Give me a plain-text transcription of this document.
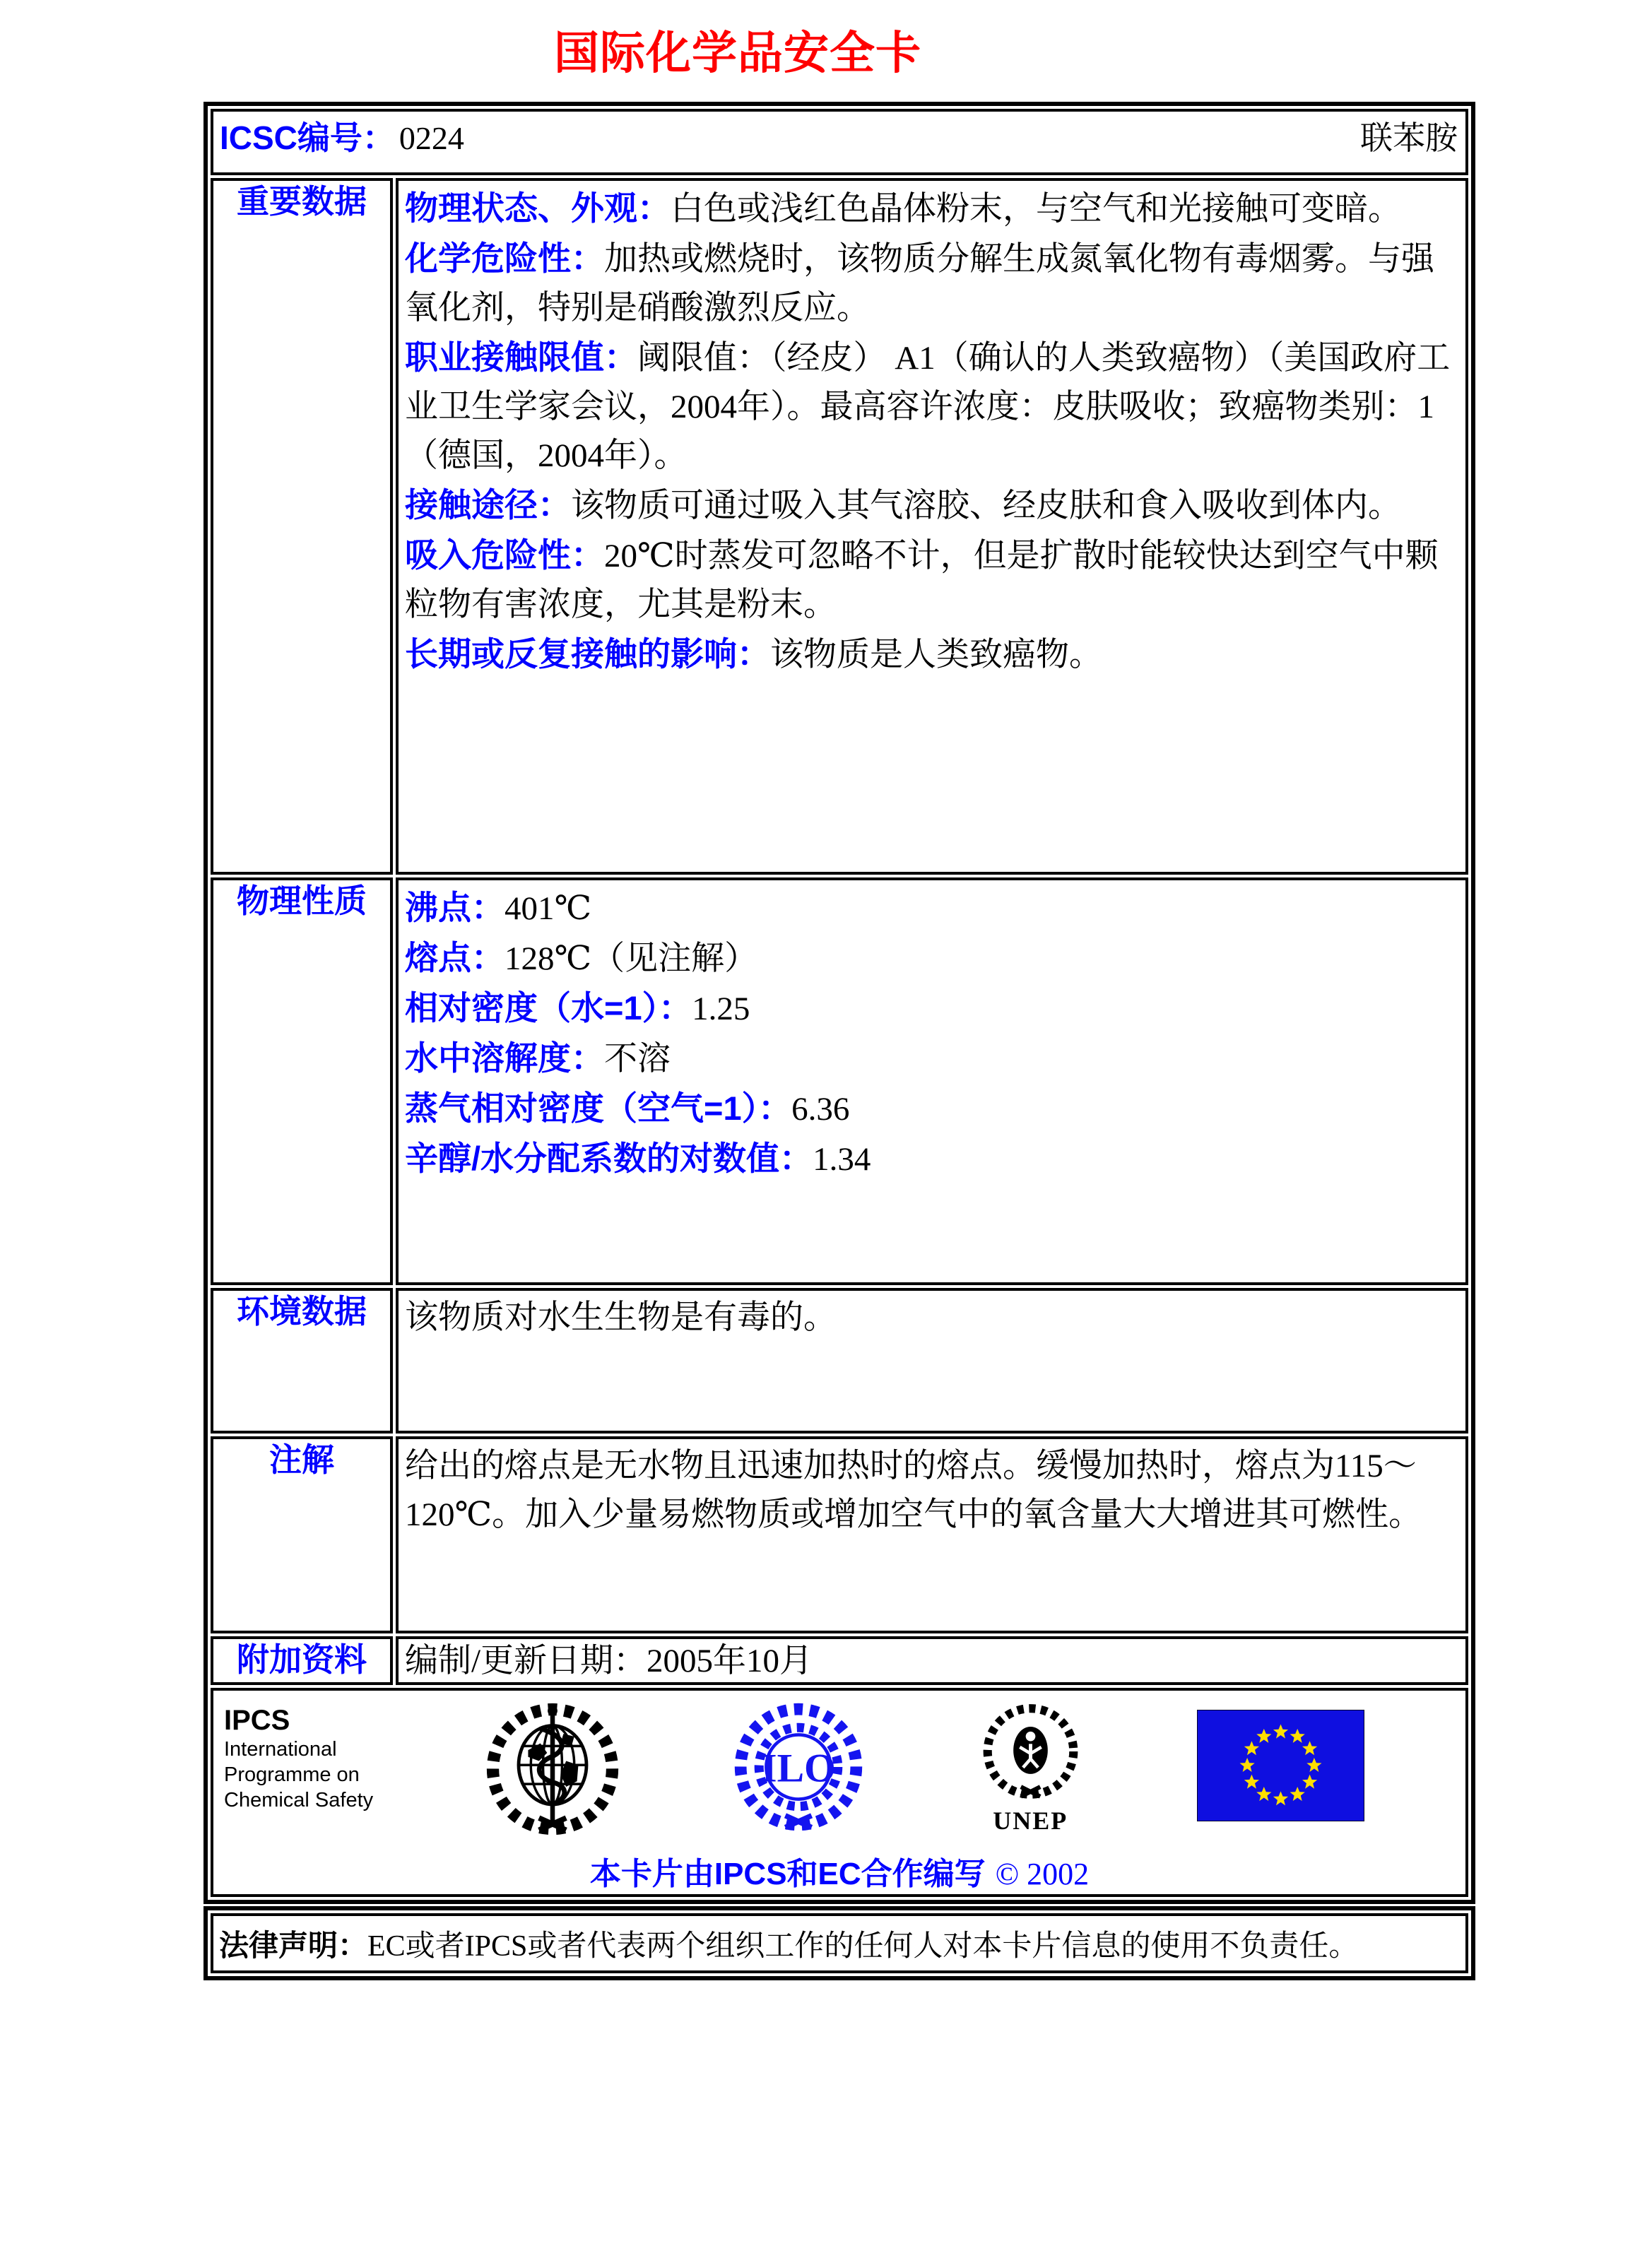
国际化学品安全卡
ICSC编号： 0224 联苯胺	

重要数据	物理状态、外观：白色或浅红色晶体粉末，与空气和光接触可变暗。
化学危险性：加热或燃烧时，该物质分解生成氮氧化物有毒烟雾。与强氧化剂，特别是硝酸激烈反应。
职业接触限值：阈限值：（经皮） A1（确认的人类致癌物）（美国政府工业卫生学家会议，2004年）。最高容许浓度：皮肤吸收；致癌物类别：1（德国，2004年）。
接触途径：该物质可通过吸入其气溶胶、经皮肤和食入吸收到体内。
吸入危险性：20℃时蒸发可忽略不计，但是扩散时能较快达到空气中颗粒物有害浓度，尤其是粉末。
长期或反复接触的影响：该物质是人类致癌物。

物理性质	沸点：401℃
熔点：128℃（见注解）
相对密度（水=1）：1.25
水中溶解度：不溶
蒸气相对密度（空气=1）：6.36
辛醇/水分配系数的对数值：1.34

环境数据	该物质对水生生物是有毒的。

注解	给出的熔点是无水物且迅速加热时的熔点。缓慢加热时，熔点为115～120℃。加入少量易燃物质或增加空气中的氧含量大大增进其可燃性。

附加资料	编制/更新日期：2005年10月

IPCS
International
Programme on
Chemical Safety
ILO
UNEP
本卡片由IPCS和EC合作编写 © 2002
法律声明：EC或者IPCS或者代表两个组织工作的任何人对本卡片信息的使用不负责任。
